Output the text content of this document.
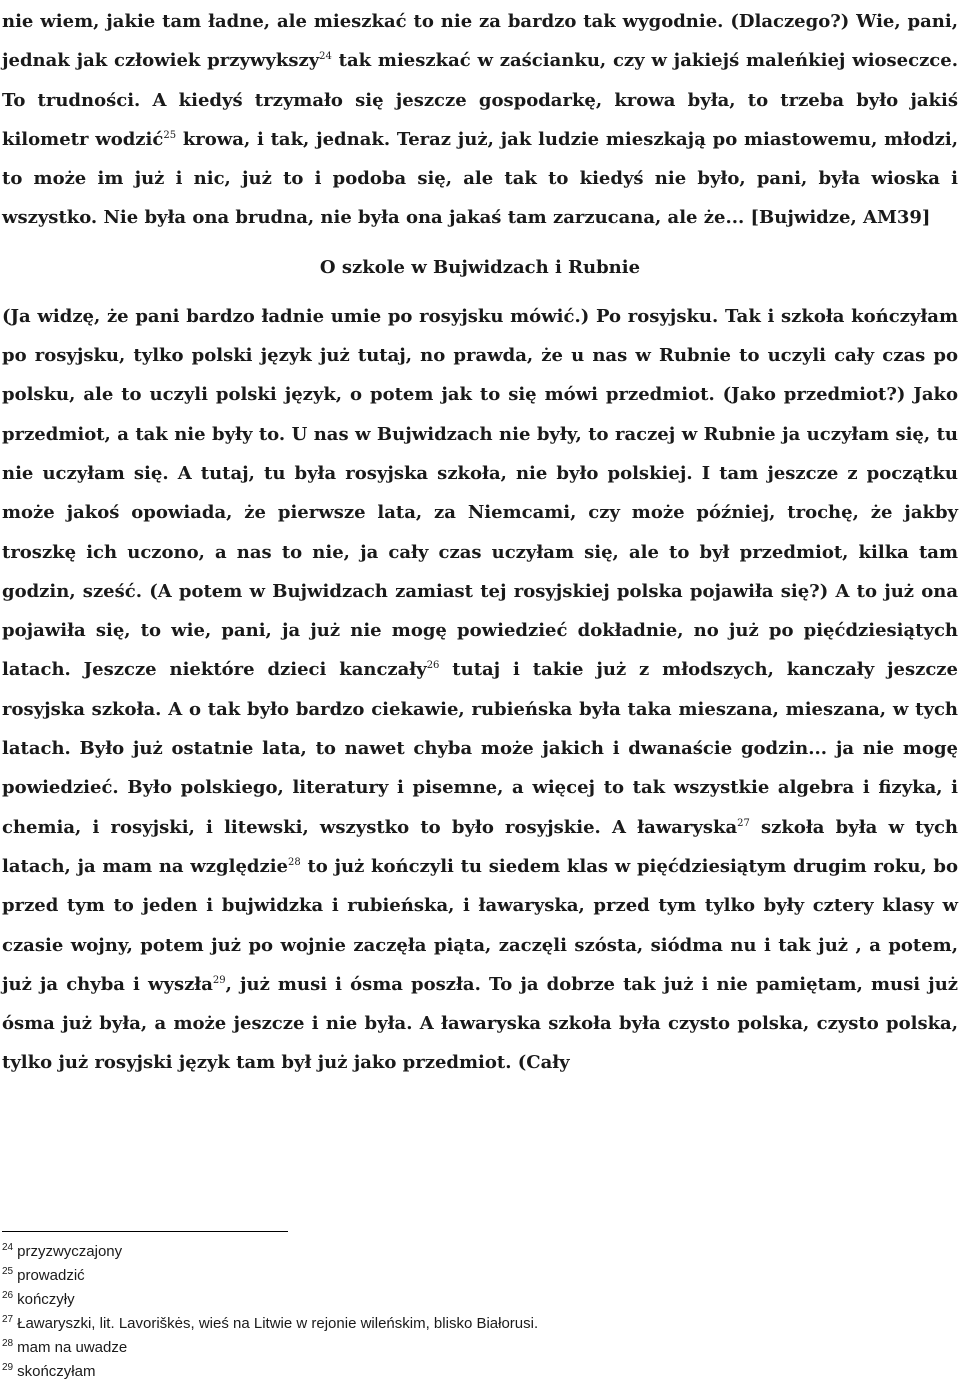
nie wiem, jakie tam ładne, ale mieszkać to nie za bardzo tak wygodnie. (Dlaczego?) Wie, pani, jednak jak człowiek przywykszy$^{24}$ tak mieszkać w zaścianku, czy w jakiejś maleńkiej wioseczce. To trudności. A kiedyś trzymało się jeszcze gospodarkę, krowa była, to trzeba było jakiś kilometr wodzić$^{25}$ krowa, i tak, jednak. Teraz już, jak ludzie mieszkają po miastowemu, młodzi, to może im już i nic, już to i podoba się, ale tak to kiedyś nie było, pani, była wioska i wszystko. Nie była ona brudna, nie była ona jakaś tam zarzucana, ale że... [Bujwidze, AM39]

O szkole w Bujwidzach i Rubnie

(Ja widzę, że pani bardzo ładnie umie po rosyjsku mówić.) Po rosyjsku. Tak i szkoła kończyłam po rosyjsku, tylko polski język już tutaj, no prawda, że u nas w Rubnie to uczyli cały czas po polsku, ale to uczyli polski język, o potem jak to się mówi przedmiot. (Jako przedmiot?) Jako przedmiot, a tak nie były to. U nas w Bujwidzach nie były, to raczej w Rubnie ja uczyłam się, tu nie uczyłam się. A tutaj, tu była rosyjska szkoła, nie było polskiej. I tam jeszcze z początku może jakoś opowiada, że pierwsze lata, za Niemcami, czy może później, trochę, że jakby troszkę ich uczono, a nas to nie, ja cały czas uczyłam się, ale to był przedmiot, kilka tam godzin, sześć. (A potem w Bujwidzach zamiast tej rosyjskiej polska pojawiła się?) A to już ona pojawiła się, to wie, pani, ja już nie mogę powiedzieć dokładnie, no już po pięćdziesiątych latach. Jeszcze niektóre dzieci kanczały$^{26}$ tutaj i takie już z młodszych, kanczały jeszcze rosyjska szkoła. A o tak było bardzo ciekawie, rubieńska była taka mieszana, mieszana, w tych latach. Było już ostatnie lata, to nawet chyba może jakich i dwanaście godzin... ja nie mogę powiedzieć. Było polskiego, literatury i pisemne, a więcej to tak wszystkie algebra i fizyka, i chemia, i rosyjski, i litewski, wszystko to było rosyjskie. A ławaryska$^{27}$ szkoła była w tych latach, ja mam na względzie$^{28}$ to już kończyli tu siedem klas w pięćdziesiątym drugim roku, bo przed tym to jeden i bujwidzka i rubieńska, i ławaryska, przed tym tylko były cztery klasy w czasie wojny, potem już po wojnie zaczęła piąta, zaczęli szósta, siódma nu i tak już , a potem, już ja chyba i wyszła$^{29}$, już musi i ósma poszła. To ja dobrze tak już i nie pamiętam, musi już ósma już była, a może jeszcze i nie była. A ławaryska szkoła była czysto polska, czysto polska, tylko już rosyjski język tam był już jako przedmiot. (Cały

$^{24}$ przyzwyczajony
$^{25}$ prowadzić
$^{26}$ kończyły
$^{27}$ Ławaryszki, lit. Lavoriškės, wieś na Litwie w rejonie wileńskim, blisko Białorusi.
$^{28}$ mam na uwadze
$^{29}$ skończyłam
